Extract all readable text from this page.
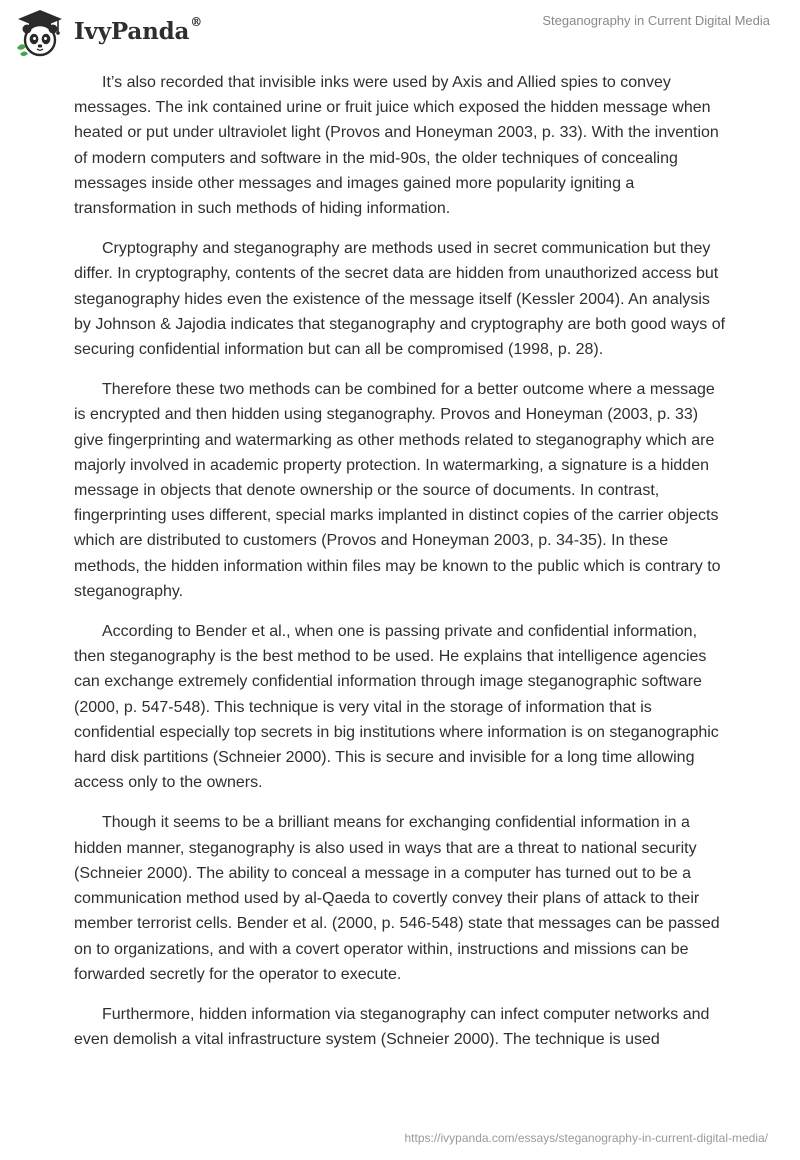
IvyPanda®	Steganography in Current Digital Media

It’s also recorded that invisible inks were used by Axis and Allied spies to convey messages. The ink contained urine or fruit juice which exposed the hidden message when heated or put under ultraviolet light (Provos and Honeyman 2003, p. 33). With the invention of modern computers and software in the mid-90s, the older techniques of concealing messages inside other messages and images gained more popularity igniting a transformation in such methods of hiding information.

Cryptography and steganography are methods used in secret communication but they differ. In cryptography, contents of the secret data are hidden from unauthorized access but steganography hides even the existence of the message itself (Kessler 2004). An analysis by Johnson & Jajodia indicates that steganography and cryptography are both good ways of securing confidential information but can all be compromised (1998, p. 28).

Therefore these two methods can be combined for a better outcome where a message is encrypted and then hidden using steganography. Provos and Honeyman (2003, p. 33) give fingerprinting and watermarking as other methods related to steganography which are majorly involved in academic property protection. In watermarking, a signature is a hidden message in objects that denote ownership or the source of documents. In contrast, fingerprinting uses different, special marks implanted in distinct copies of the carrier objects which are distributed to customers (Provos and Honeyman 2003, p. 34-35). In these methods, the hidden information within files may be known to the public which is contrary to steganography.

According to Bender et al., when one is passing private and confidential information, then steganography is the best method to be used. He explains that intelligence agencies can exchange extremely confidential information through image steganographic software (2000, p. 547-548). This technique is very vital in the storage of information that is confidential especially top secrets in big institutions where information is on steganographic hard disk partitions (Schneier 2000). This is secure and invisible for a long time allowing access only to the owners.

Though it seems to be a brilliant means for exchanging confidential information in a hidden manner, steganography is also used in ways that are a threat to national security (Schneier 2000). The ability to conceal a message in a computer has turned out to be a communication method used by al-Qaeda to covertly convey their plans of attack to their member terrorist cells. Bender et al. (2000, p. 546-548) state that messages can be passed on to organizations, and with a covert operator within, instructions and missions can be forwarded secretly for the operator to execute.

Furthermore, hidden information via steganography can infect computer networks and even demolish a vital infrastructure system (Schneier 2000). The technique is used

https://ivypanda.com/essays/steganography-in-current-digital-media/
